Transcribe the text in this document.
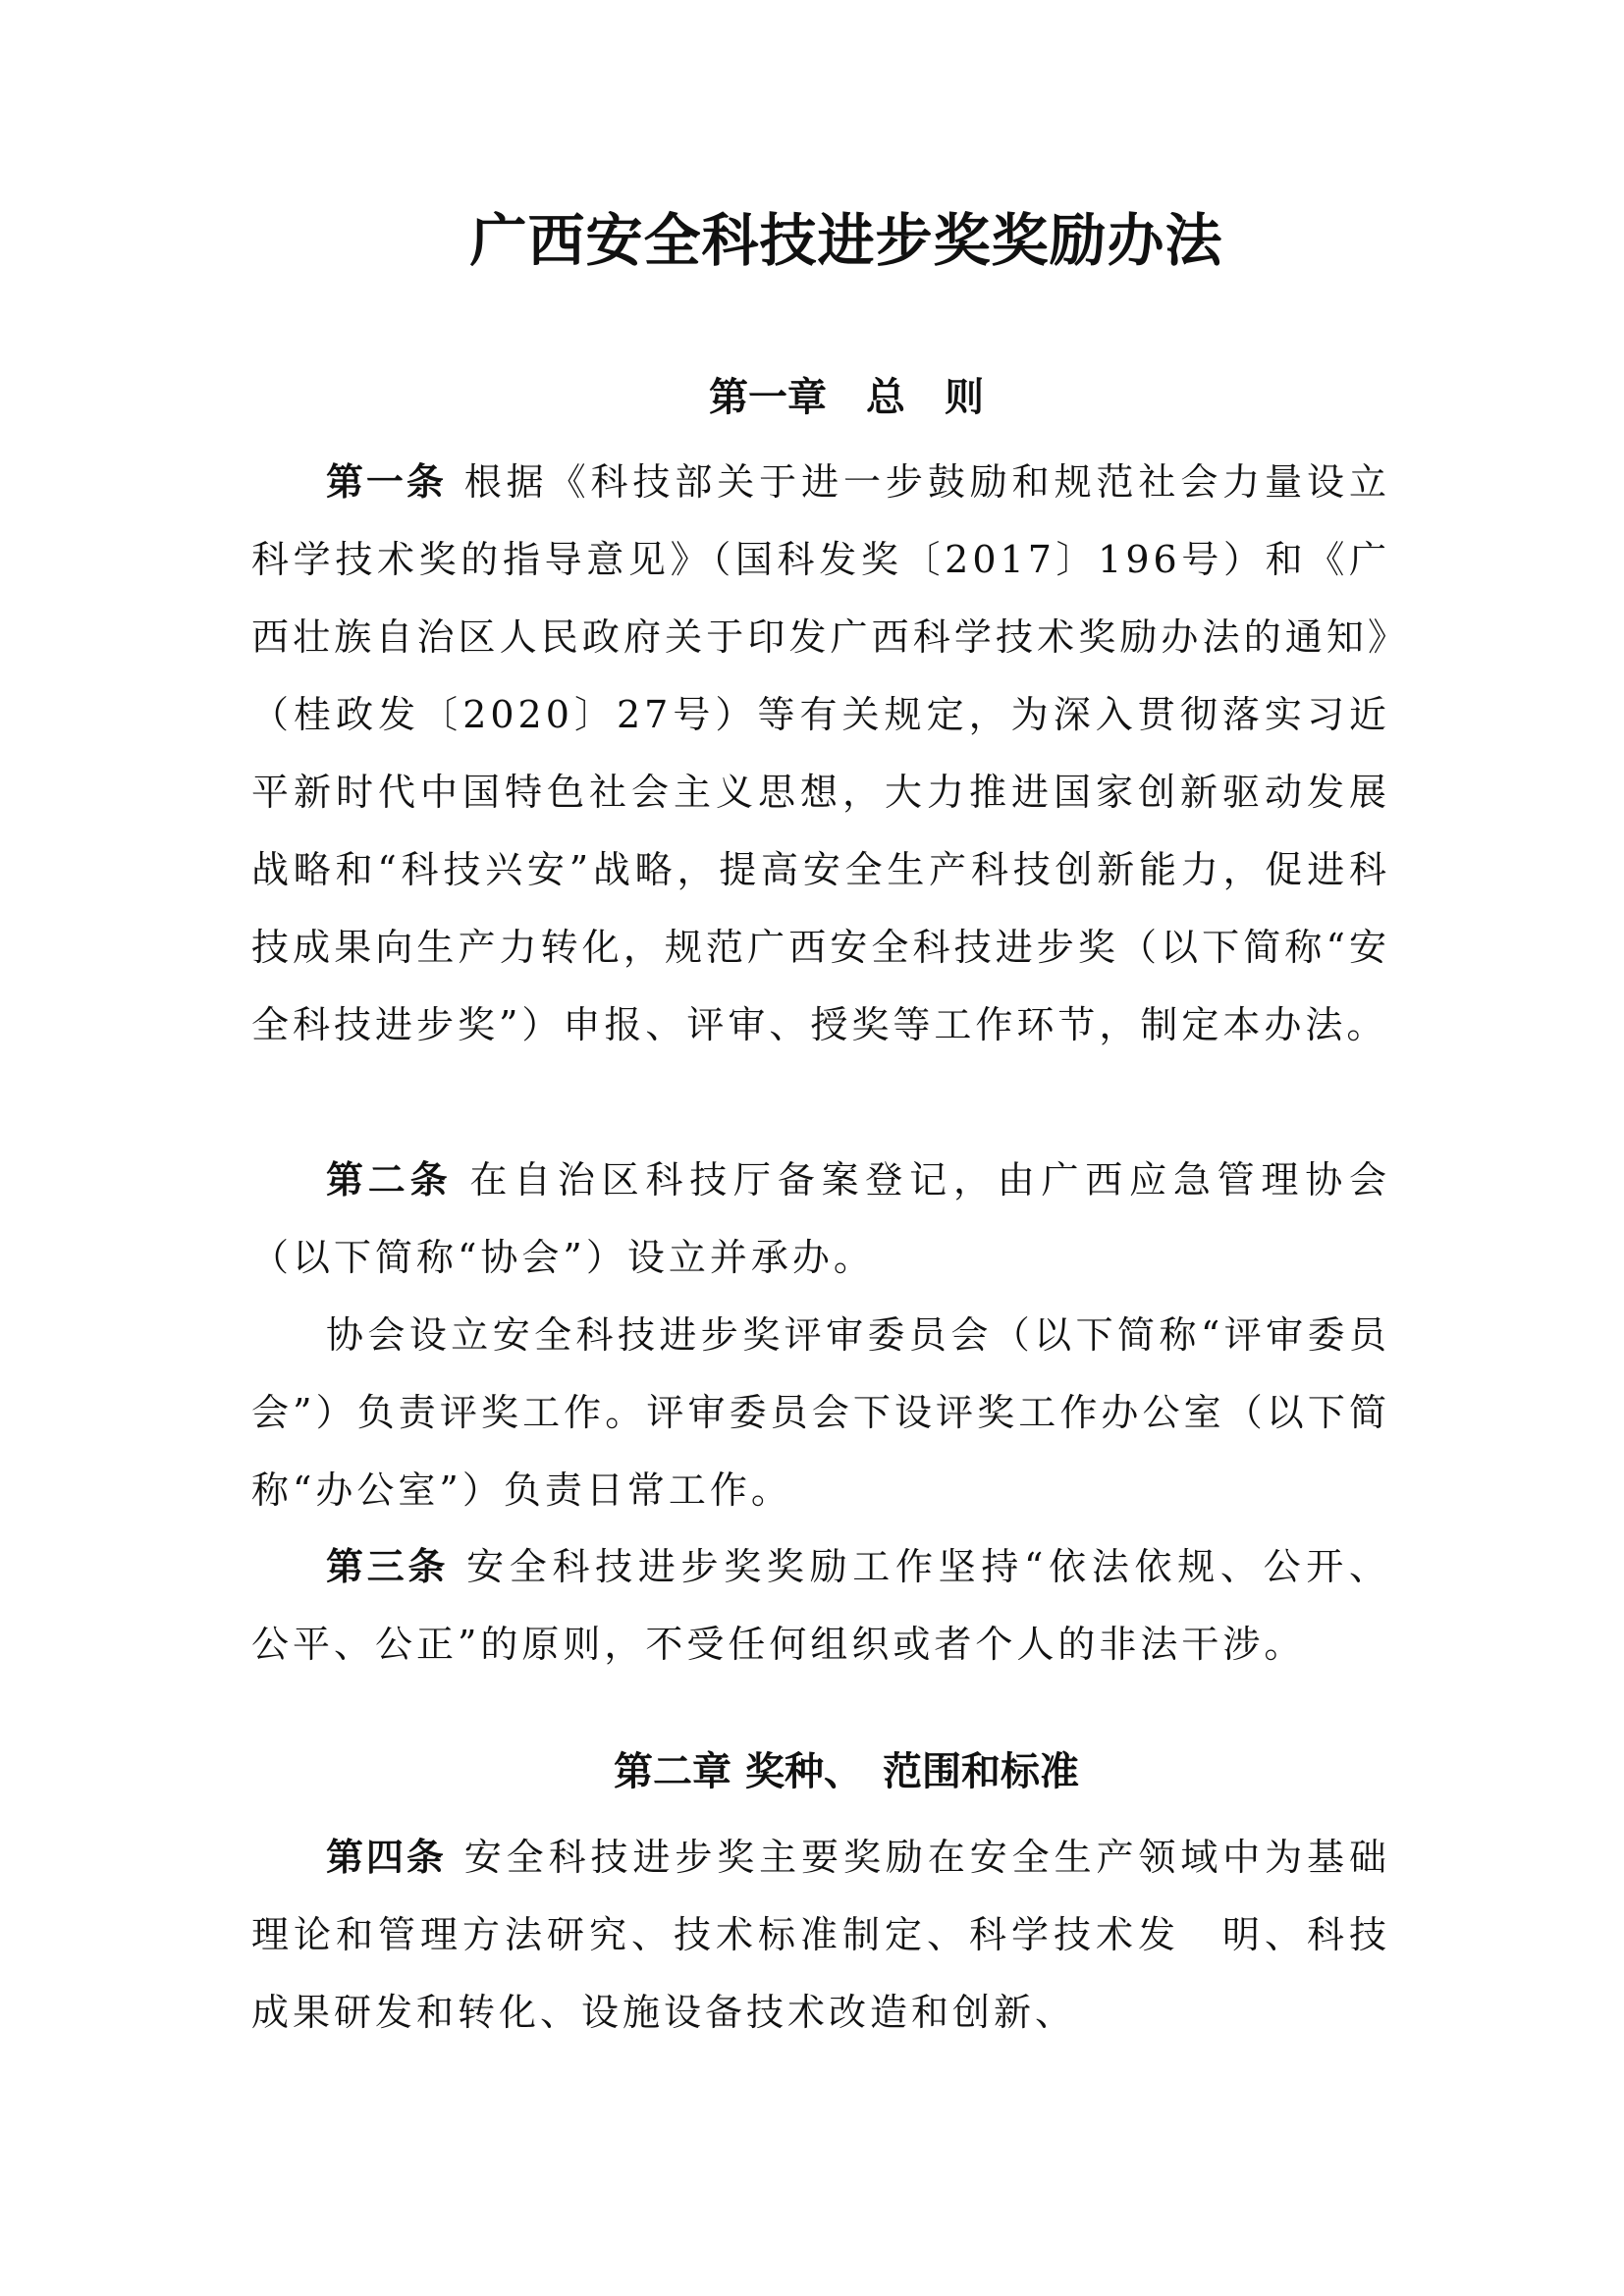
广西安全科技进步奖奖励办法
第一章　总　则

第一条 根据《科技部关于进一步鼓励和规范社会力量设立科学技术奖的指导意见》（国科发奖〔2017〕196号）和《广西壮族自治区人民政府关于印发广西科学技术奖励办法的通知》（桂政发〔2020〕27号）等有关规定，为深入贯彻落实习近平新时代中国特色社会主义思想，大力推进国家创新驱动发展战略和“科技兴安”战略，提高安全生产科技创新能力，促进科技成果向生产力转化，规范广西安全科技进步奖（以下简称“安全科技进步奖”）申报、评审、授奖等工作环节，制定本办法。

第二条 在自治区科技厅备案登记，由广西应急管理协会（以下简称“协会”）设立并承办。

协会设立安全科技进步奖评审委员会（以下简称“评审委员会”）负责评奖工作。评审委员会下设评奖工作办公室（以下简称“办公室”）负责日常工作。

第三条 安全科技进步奖奖励工作坚持“依法依规、公开、公平、公正”的原则，不受任何组织或者个人的非法干涉。

第二章 奖种、　范围和标准

第四条 安全科技进步奖主要奖励在安全生产领域中为基础理论和管理方法研究、技术标准制定、科学技术发　明、科技成果研发和转化、设施设备技术改造和创新、
